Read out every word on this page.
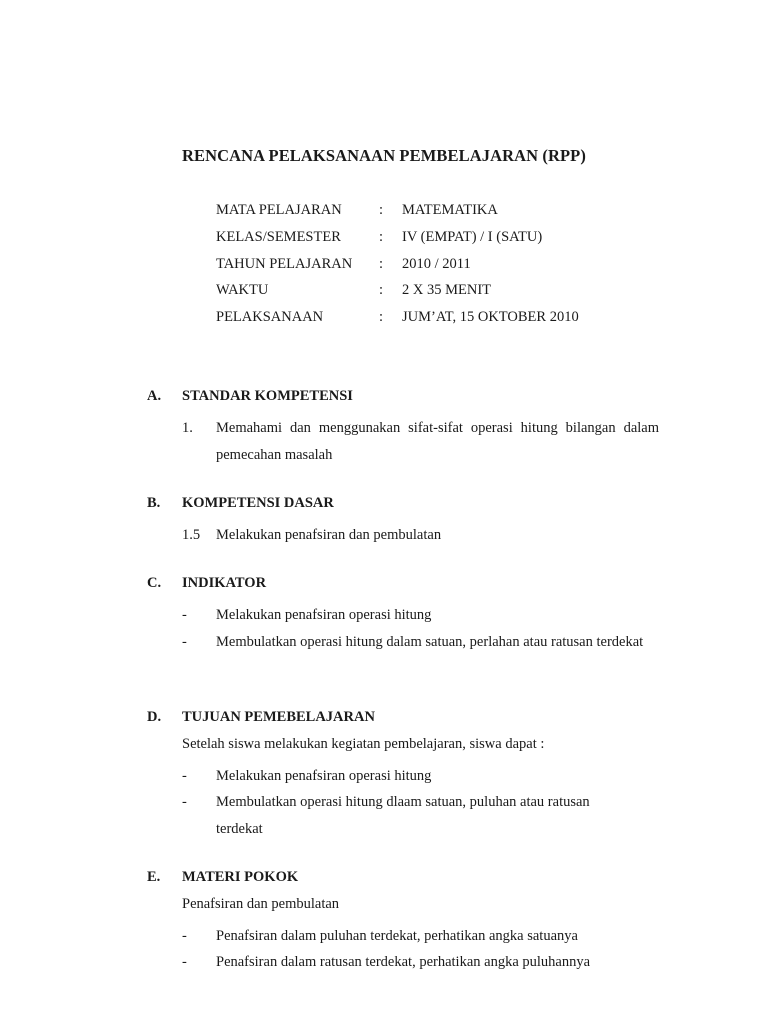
RENCANA PELAKSANAAN PEMBELAJARAN (RPP)
MATA PELAJARAN	: MATEMATIKA
KELAS/SEMESTER	: IV (EMPAT) / I (SATU)
TAHUN PELAJARAN : 2010 / 2011
WAKTU	: 2 X 35 MENIT
PELAKSANAAN	: JUM’AT, 15 OKTOBER 2010
A. STANDAR KOMPETENSI
1. Memahami dan menggunakan sifat-sifat operasi hitung bilangan dalam pemecahan masalah
B. KOMPETENSI DASAR
1.5 Melakukan penafsiran dan pembulatan
C. INDIKATOR
- Melakukan penafsiran operasi hitung
- Membulatkan operasi hitung dalam satuan, perlahan atau ratusan terdekat
D. TUJUAN PEMEBELAJARAN
Setelah siswa melakukan kegiatan pembelajaran, siswa dapat :
- Melakukan penafsiran operasi hitung
- Membulatkan operasi hitung dlaam satuan, puluhan atau ratusan terdekat
E. MATERI POKOK
Penafsiran dan pembulatan
- Penafsiran dalam puluhan terdekat, perhatikan angka satuanya
- Penafsiran dalam ratusan terdekat, perhatikan angka puluhannya
